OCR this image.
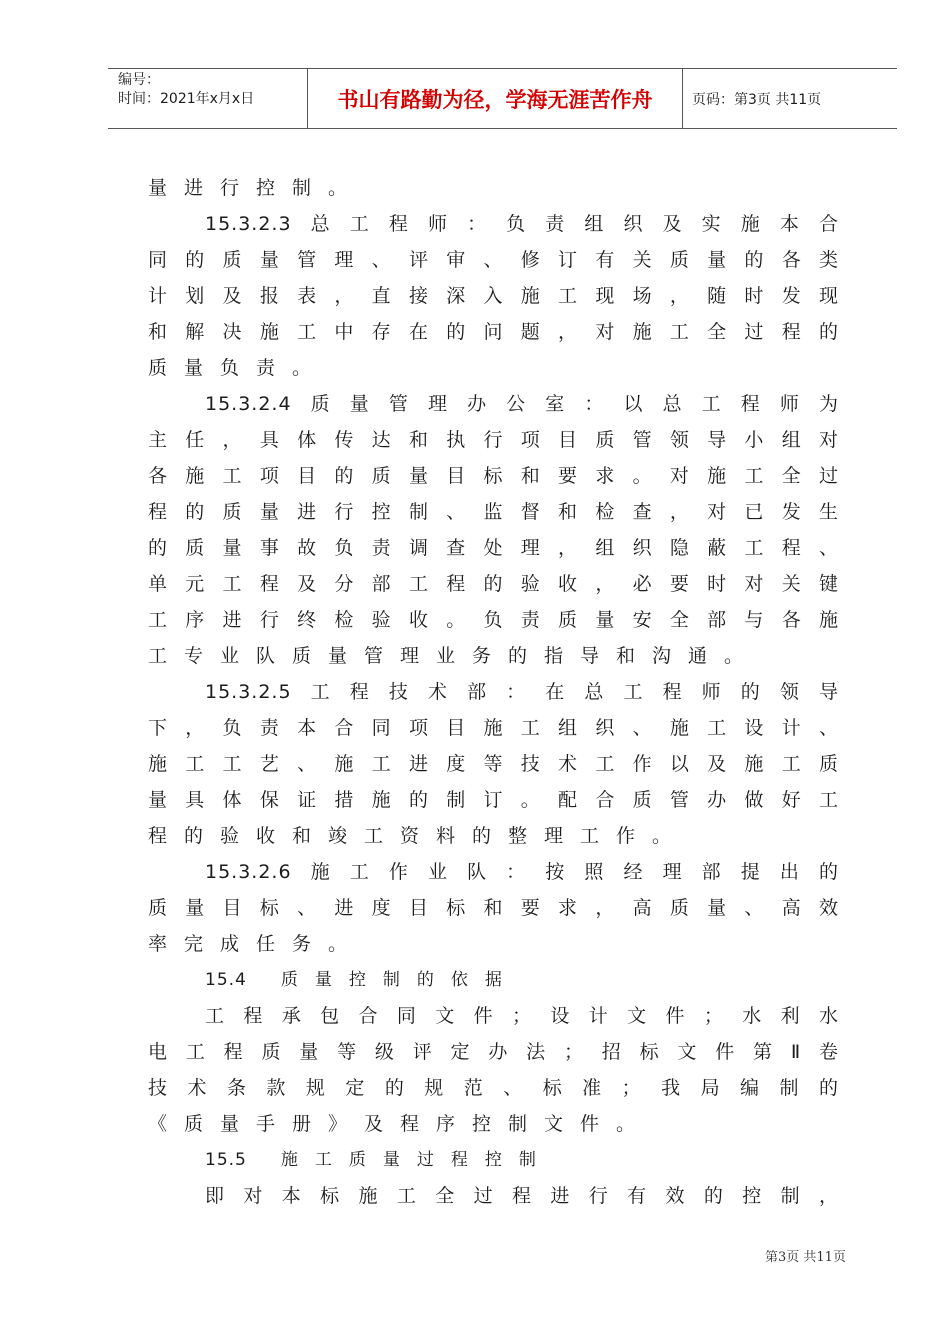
编号：
时间：2021年x月x日	书山有路勤为径，学海无涯苦作舟	页码：第3页 共11页
量进行控制。
15.3.2.3 总工程师：负责组织及实施本合
同的质量管理、评审、修订有关质量的各类
计划及报表，直接深入施工现场，随时发现
和解决施工中存在的问题，对施工全过程的
质量负责。
15.3.2.4 质量管理办公室：以总工程师为
主任，具体传达和执行项目质管领导小组对
各施工项目的质量目标和要求。对施工全过
程的质量进行控制、监督和检查，对已发生
的质量事故负责调查处理，组织隐蔽工程、
单元工程及分部工程的验收，必要时对关键
工序进行终检验收。负责质量安全部与各施
工专业队质量管理业务的指导和沟通。
15.3.2.5 工程技术部：在总工程师的领导
下，负责本合同项目施工组织、施工设计、
施工工艺、施工进度等技术工作以及施工质
量具体保证措施的制订。配合质管办做好工
程的验收和竣工资料的整理工作。
15.3.2.6 施工作业队：按照经理部提出的
质量目标、进度目标和要求，高质量、高效
率完成任务。
15.4 质量控制的依据
工程承包合同文件；设计文件；水利水
电工程质量等级评定办法；招标文件第Ⅱ卷
技术条款规定的规范、标准；我局编制的
《质量手册》及程序控制文件。
15.5 施工质量过程控制
即对本标施工全过程进行有效的控制，
第3页 共11页
